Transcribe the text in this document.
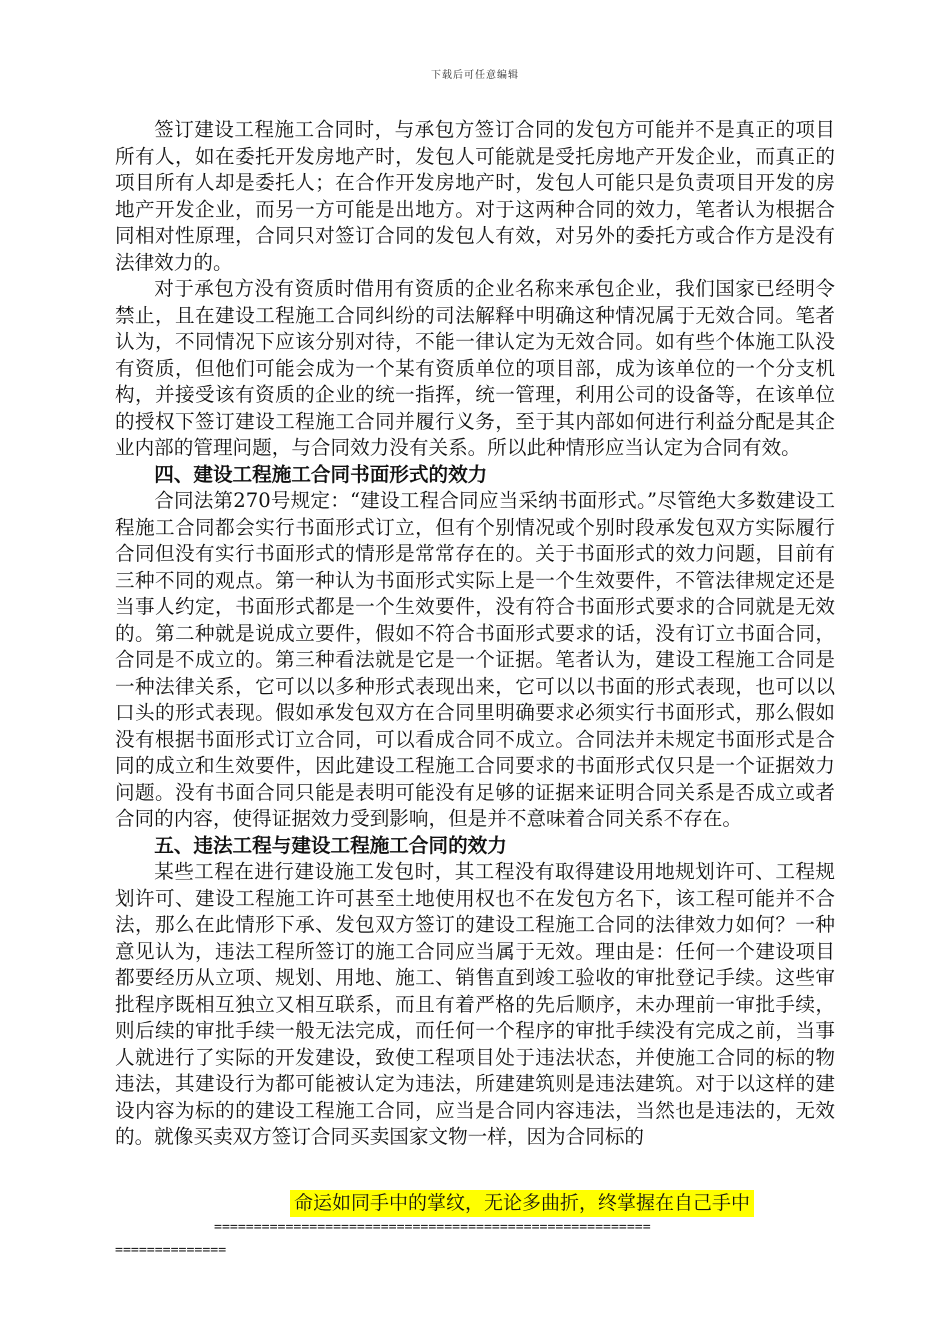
下载后可任意编辑

签订建设工程施工合同时，与承包方签订合同的发包方可能并不是真正的项目所有人，如在委托开发房地产时，发包人可能就是受托房地产开发企业，而真正的项目所有人却是委托人；在合作开发房地产时，发包人可能只是负责项目开发的房地产开发企业，而另一方可能是出地方。对于这两种合同的效力，笔者认为根据合同相对性原理，合同只对签订合同的发包人有效，对另外的委托方或合作方是没有法律效力的。

对于承包方没有资质时借用有资质的企业名称来承包企业，我们国家已经明令禁止，且在建设工程施工合同纠纷的司法解释中明确这种情况属于无效合同。笔者认为，不同情况下应该分别对待，不能一律认定为无效合同。如有些个体施工队没有资质，但他们可能会成为一个某有资质单位的项目部，成为该单位的一个分支机构，并接受该有资质的企业的统一指挥，统一管理，利用公司的设备等，在该单位的授权下签订建设工程施工合同并履行义务，至于其内部如何进行利益分配是其企业内部的管理问题，与合同效力没有关系。所以此种情形应当认定为合同有效。

四、建设工程施工合同书面形式的效力

合同法第270号规定：“建设工程合同应当采纳书面形式。”尽管绝大多数建设工程施工合同都会实行书面形式订立，但有个别情况或个别时段承发包双方实际履行合同但没有实行书面形式的情形是常常存在的。关于书面形式的效力问题，目前有三种不同的观点。第一种认为书面形式实际上是一个生效要件，不管法律规定还是当事人约定，书面形式都是一个生效要件，没有符合书面形式要求的合同就是无效的。第二种就是说成立要件，假如不符合书面形式要求的话，没有订立书面合同，合同是不成立的。第三种看法就是它是一个证据。笔者认为，建设工程施工合同是一种法律关系，它可以以多种形式表现出来，它可以以书面的形式表现，也可以以口头的形式表现。假如承发包双方在合同里明确要求必须实行书面形式，那么假如没有根据书面形式订立合同，可以看成合同不成立。合同法并未规定书面形式是合同的成立和生效要件，因此建设工程施工合同要求的书面形式仅只是一个证据效力问题。没有书面合同只能是表明可能没有足够的证据来证明合同关系是否成立或者合同的内容，使得证据效力受到影响，但是并不意味着合同关系不存在。

五、违法工程与建设工程施工合同的效力

某些工程在进行建设施工发包时，其工程没有取得建设用地规划许可、工程规划许可、建设工程施工许可甚至土地使用权也不在发包方名下，该工程可能并不合法，那么在此情形下承、发包双方签订的建设工程施工合同的法律效力如何？一种意见认为，违法工程所签订的施工合同应当属于无效。理由是：任何一个建设项目都要经历从立项、规划、用地、施工、销售直到竣工验收的审批登记手续。这些审批程序既相互独立又相互联系，而且有着严格的先后顺序，未办理前一审批手续，则后续的审批手续一般无法完成，而任何一个程序的审批手续没有完成之前，当事人就进行了实际的开发建设，致使工程项目处于违法状态，并使施工合同的标的物违法，其建设行为都可能被认定为违法，所建建筑则是违法建筑。对于以这样的建设内容为标的的建设工程施工合同，应当是合同内容违法，当然也是违法的，无效的。就像买卖双方签订合同买卖国家文物一样，因为合同标的

命运如同手中的掌纹，无论多曲折，终掌握在自己手中
=======================================================
==============
